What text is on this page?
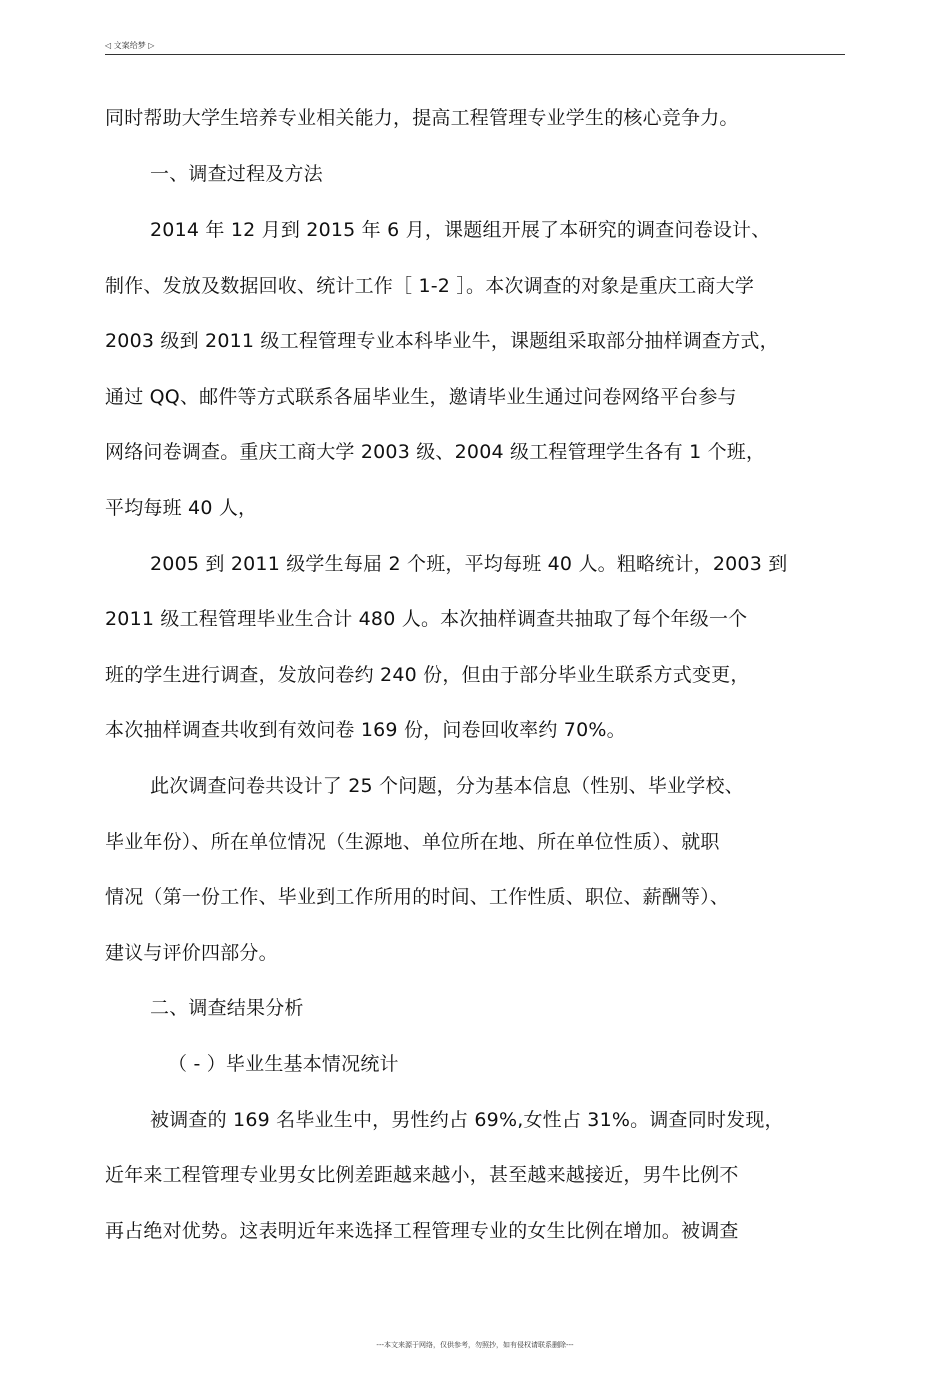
◁ 文案给梦 ▷
同时帮助大学生培养专业相关能力，提高工程管理专业学生的核心竞争力。
一、调查过程及方法
2014 年 12 月到 2015 年 6 月，课题组开展了本研究的调查问卷设计、
制作、发放及数据回收、统计工作［ 1-2 ］。本次调查的对象是重庆工商大学
2003 级到 2011 级工程管理专业本科毕业牛，课题组采取部分抽样调查方式，
通过 QQ、邮件等方式联系各届毕业生，邀请毕业生通过问卷网络平台参与
网络问卷调查。重庆工商大学 2003 级、2004 级工程管理学生各有 1 个班，
平均每班 40 人，
2005 到 2011 级学生每届 2 个班，平均每班 40 人。粗略统计，2003 到
2011 级工程管理毕业生合计 480 人。本次抽样调查共抽取了每个年级一个
班的学生进行调查，发放问卷约 240 份，但由于部分毕业生联系方式变更，
本次抽样调查共收到有效问卷 169 份，问卷回收率约 70%。
此次调查问卷共设计了 25 个问题，分为基本信息（性别、毕业学校、
毕业年份）、所在单位情况（生源地、单位所在地、所在单位性质）、就职
情况（第一份工作、毕业到工作所用的时间、工作性质、职位、薪酬等）、
建议与评价四部分。
二、调查结果分析
（ - ）毕业生基本情况统计
被调查的 169 名毕业生中，男性约占 69%,女性占 31%。调查同时发现，
近年来工程管理专业男女比例差距越来越小，甚至越来越接近，男牛比例不
再占绝对优势。这表明近年来选择工程管理专业的女生比例在增加。被调查
---本文来源于网络，仅供参考，勿照抄，如有侵权请联系删除---
